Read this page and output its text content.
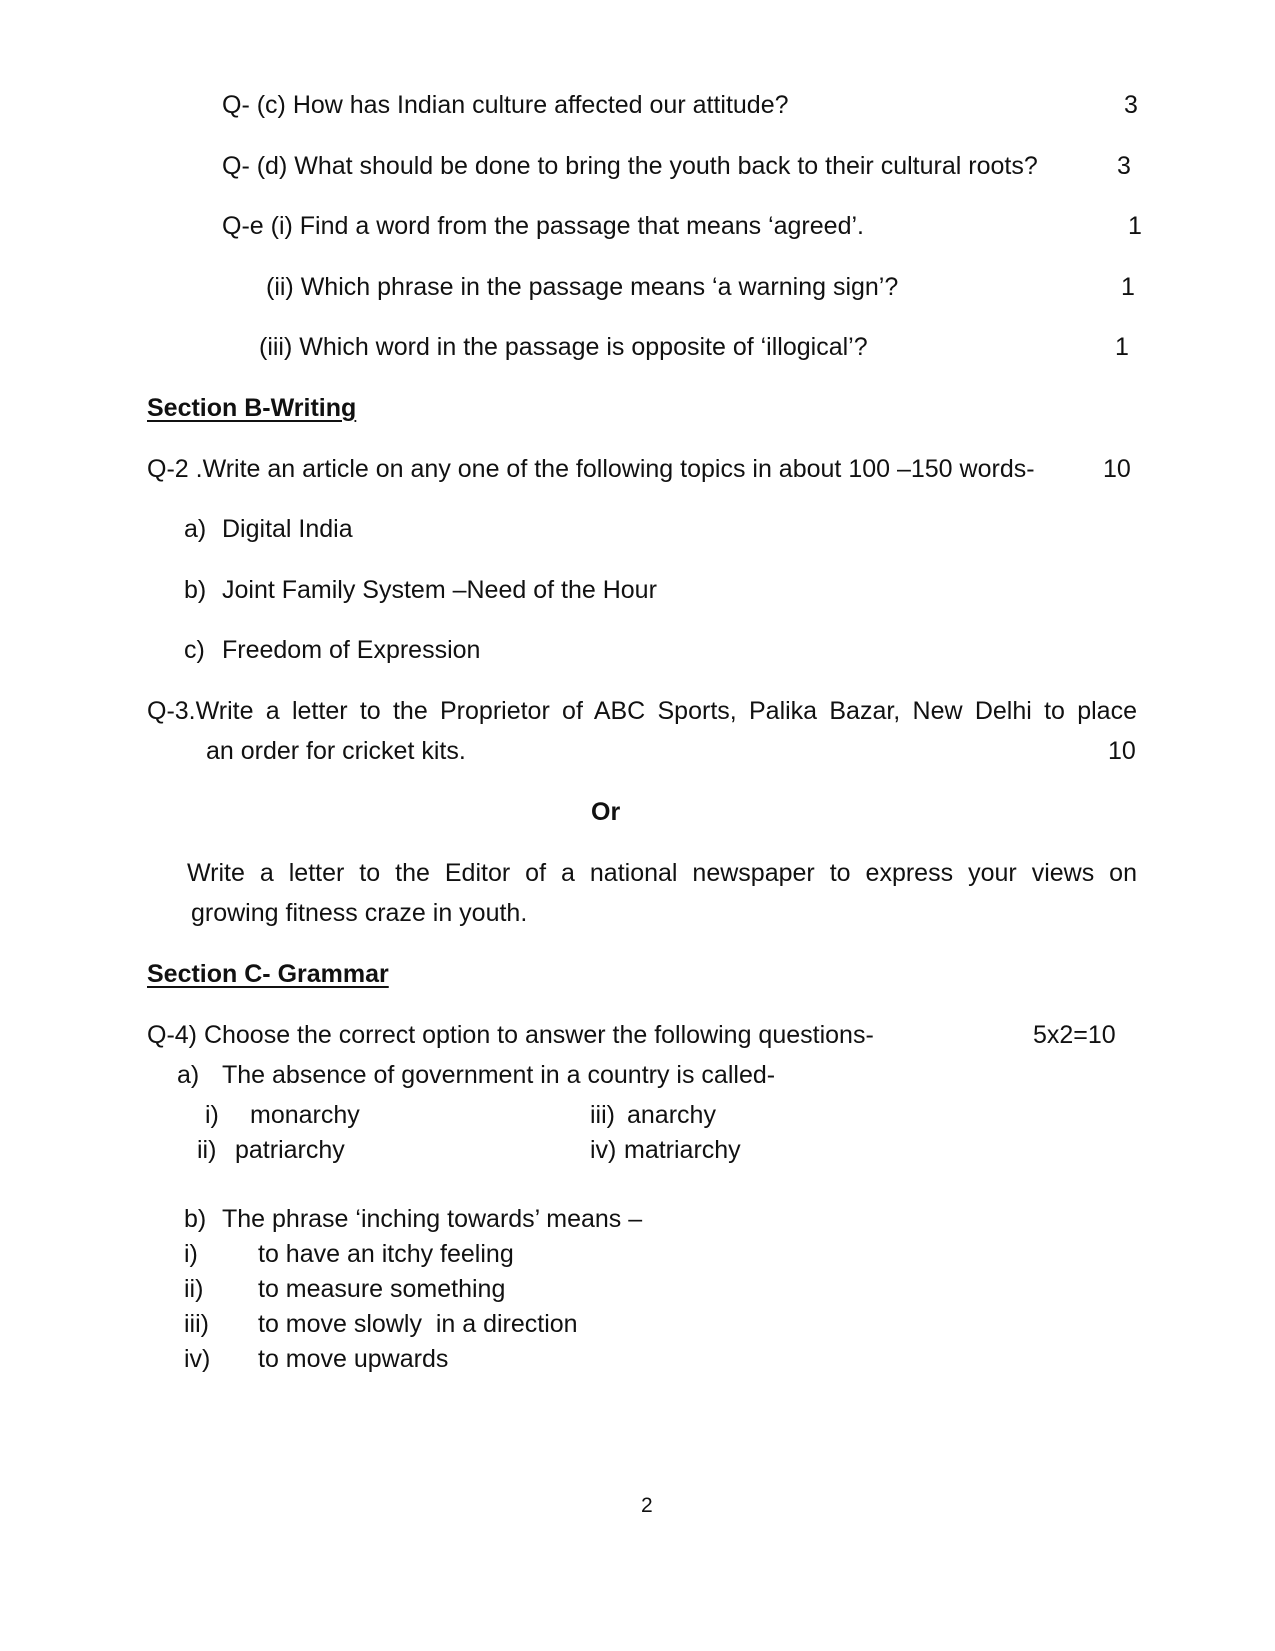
Q- (c) How has Indian culture affected our attitude?	3
Q- (d) What should be done to bring the youth back to their cultural roots?	3
Q-e (i) Find a word from the passage that means ‘agreed’.	1
(ii) Which phrase in the passage means ‘a warning sign’?	1
(iii) Which word in the passage is opposite of ‘illogical’?	1
Section B-Writing
Q-2 .Write an article on any one of the following topics in about 100 –150 words-	10
a) Digital India
b) Joint Family System –Need of the Hour
c) Freedom of Expression
Q-3.Write a letter to the Proprietor of ABC Sports, Palika Bazar, New Delhi to place
an order for cricket kits.	10
Or
Write a letter to the Editor of a national newspaper to express your views on
growing fitness craze in youth.
Section C- Grammar
Q-4) Choose the correct option to answer the following questions-	5x2=10
a) The absence of government in a country is called-
i) monarchy	iii) anarchy
ii) patriarchy	iv) matriarchy
b) The phrase ‘inching towards’ means –
i) to have an itchy feeling
ii) to measure something
iii) to move slowly  in a direction
iv) to move upwards
2
